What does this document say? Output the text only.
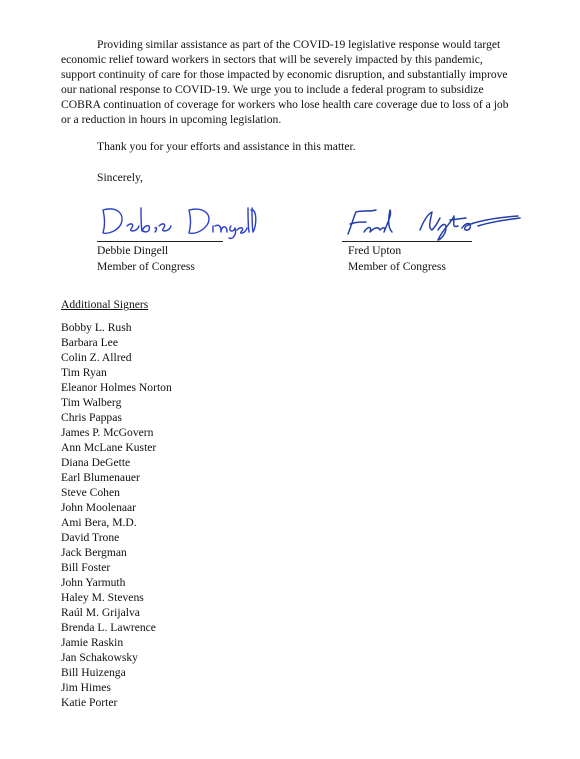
Providing similar assistance as part of the COVID-19 legislative response would target
economic relief toward workers in sectors that will be severely impacted by this pandemic,
support continuity of care for those impacted by economic disruption, and substantially improve
our national response to COVID-19. We urge you to include a federal program to subsidize
COBRA continuation of coverage for workers who lose health care coverage due to loss of a job
or a reduction in hours in upcoming legislation.

Thank you for your efforts and assistance in this matter.

Sincerely,

Debbie Dingell
Member of Congress
Fred Upton
Member of Congress
Additional Signers
Bobby L. Rush
Barbara Lee
Colin Z. Allred
Tim Ryan
Eleanor Holmes Norton
Tim Walberg
Chris Pappas
James P. McGovern
Ann McLane Kuster
Diana DeGette
Earl Blumenauer
Steve Cohen
John Moolenaar
Ami Bera, M.D.
David Trone
Jack Bergman
Bill Foster
John Yarmuth
Haley M. Stevens
Raúl M. Grijalva
Brenda L. Lawrence
Jamie Raskin
Jan Schakowsky
Bill Huizenga
Jim Himes
Katie Porter
